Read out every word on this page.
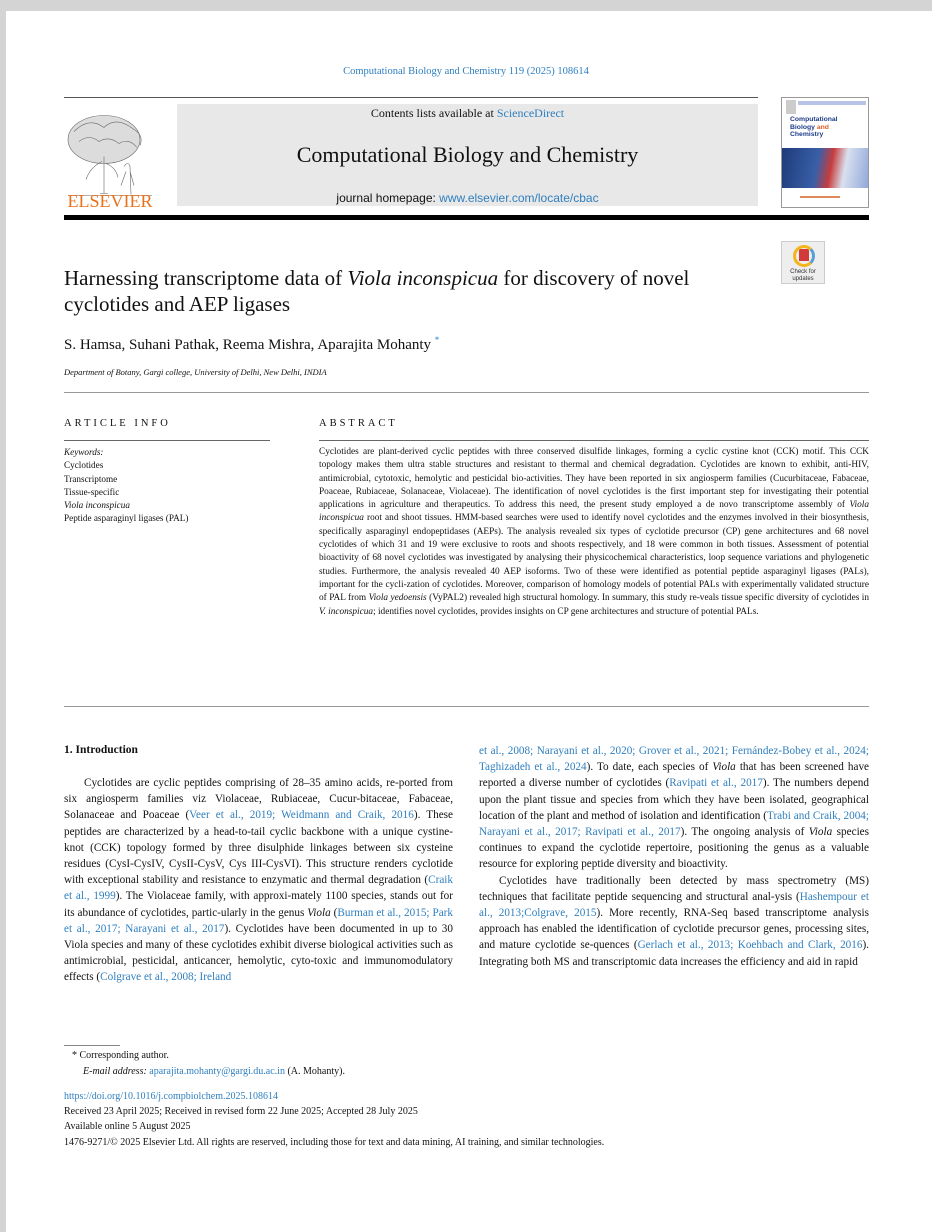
Computational Biology and Chemistry 119 (2025) 108614
ELSEVIER
Contents lists available at ScienceDirect
Computational Biology and Chemistry
journal homepage: www.elsevier.com/locate/cbac
Computational
Biology and
Chemistry
Harnessing transcriptome data of Viola inconspicua for discovery of novel cyclotides and AEP ligases
Check for updates
S. Hamsa, Suhani Pathak, Reema Mishra, Aparajita Mohanty *
Department of Botany, Gargi college, University of Delhi, New Delhi, INDIA
ARTICLE INFO
Keywords:
Cyclotides
Transcriptome
Tissue-specific
Viola inconspicua
Peptide asparaginyl ligases (PAL)
ABSTRACT
Cyclotides are plant-derived cyclic peptides with three conserved disulfide linkages, forming a cyclic cystine knot (CCK) motif. This CCK topology makes them ultra stable structures and resistant to thermal and chemical degradation. Cyclotides are known to exhibit, anti-HIV, antimicrobial, cytotoxic, hemolytic and pesticidal bio-activities. They have been reported in six angiosperm families (Cucurbitaceae, Fabaceae, Poaceae, Rubiaceae, Solanaceae, Violaceae). The identification of novel cyclotides is the first important step for investigating their potential applications in agriculture and therapeutics. To address this need, the present study employed a de novo transcriptome assembly of Viola inconspicua root and shoot tissues. HMM-based searches were used to identify novel cyclotides and the enzymes involved in their biosynthesis, specifically asparaginyl endopeptidases (AEPs). The analysis revealed six types of cyclotide precursor (CP) gene architectures and 68 novel cyclotides of which 31 and 19 were exclusive to roots and shoots respectively, and 18 were common in both tissues. Assessment of potential bioactivity of 68 novel cyclotides was investigated by analysing their physicochemical characteristics, loop sequence variations and phylogenetic studies. Furthermore, the analysis revealed 40 AEP isoforms. Two of these were identified as potential peptide asparaginyl ligases (PALs), important for the cycli-zation of cyclotides. Moreover, comparison of homology models of potential PALs with experimentally validated structure of PAL from Viola yedoensis (VyPAL2) revealed high structural homology. In summary, this study re-veals tissue specific diversity of cyclotides in V. inconspicua; identifies novel cyclotides, provides insights on CP gene architectures and structure of potential PALs.
1. Introduction

Cyclotides are cyclic peptides comprising of 28–35 amino acids, re-ported from six angiosperm families viz Violaceae, Rubiaceae, Cucur-bitaceae, Fabaceae, Solanaceae and Poaceae (Veer et al., 2019; Weidmann and Craik, 2016). These peptides are characterized by a head-to-tail cyclic backbone with a unique cystine-knot (CCK) topology formed by three disulphide linkages between six cysteine residues (CysI-CysIV, CysII-CysV, Cys III-CysVI). This structure renders cyclotide with exceptional stability and resistance to enzymatic and thermal degradation (Craik et al., 1999). The Violaceae family, with approxi-mately 1100 species, stands out for its abundance of cyclotides, partic-ularly in the genus Viola (Burman et al., 2015; Park et al., 2017; Narayani et al., 2017). Cyclotides have been documented in up to 30 Viola species and many of these cyclotides exhibit diverse biological activities such as antimicrobial, pesticidal, anticancer, hemolytic, cyto-toxic and immunomodulatory effects (Colgrave et al., 2008; Ireland

et al., 2008; Narayani et al., 2020; Grover et al., 2021; Fernández-Bobey et al., 2024; Taghizadeh et al., 2024). To date, each species of Viola that has been screened have reported a diverse number of cyclotides (Ravipati et al., 2017). The numbers depend upon the plant tissue and species from which they have been isolated, geographical location of the plant and method of isolation and identification (Trabi and Craik, 2004; Narayani et al., 2017; Ravipati et al., 2017). The ongoing analysis of Viola species continues to expand the cyclotide repertoire, positioning the genus as a valuable resource for exploring peptide diversity and bioactivity.

Cyclotides have traditionally been detected by mass spectrometry (MS) techniques that facilitate peptide sequencing and structural anal-ysis (Hashempour et al., 2013;Colgrave, 2015). More recently, RNA-Seq based transcriptome analysis approach has enabled the identification of cyclotide precursor genes, processing sites, and mature cyclotide se-quences (Gerlach et al., 2013; Koehbach and Clark, 2016). Integrating both MS and transcriptomic data increases the efficiency and aid in rapid

* Corresponding author.
E-mail address: aparajita.mohanty@gargi.du.ac.in (A. Mohanty).
https://doi.org/10.1016/j.compbiolchem.2025.108614
Received 23 April 2025; Received in revised form 22 June 2025; Accepted 28 July 2025
Available online 5 August 2025
1476-9271/© 2025 Elsevier Ltd. All rights are reserved, including those for text and data mining, AI training, and similar technologies.
